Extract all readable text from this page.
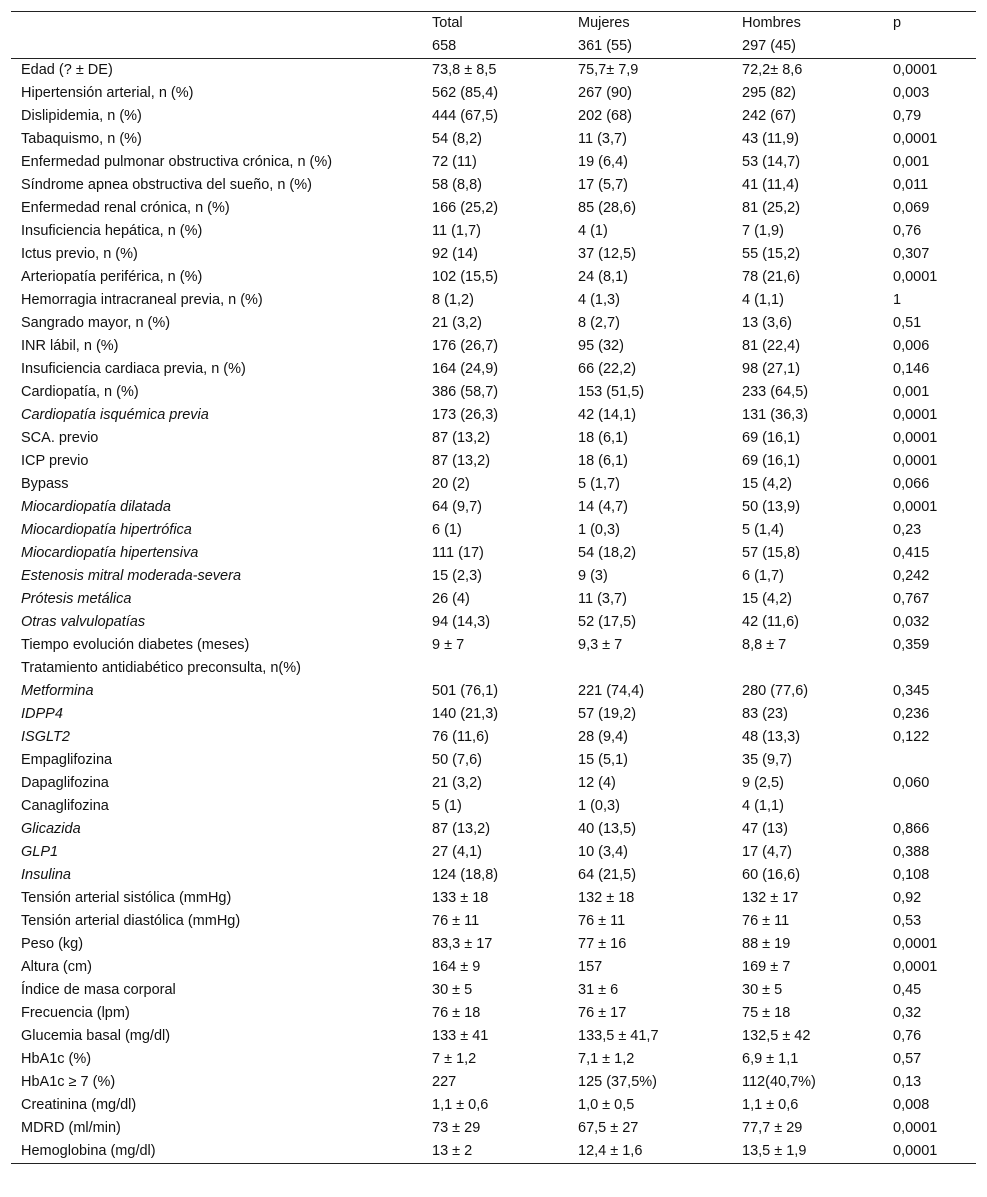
	Total	Mujeres	Hombres	p
	658	361 (55)	297 (45)	
Edad (? ± DE)	73,8 ± 8,5	75,7± 7,9	72,2± 8,6	0,0001
Hipertensión arterial, n (%)	562 (85,4)	267 (90)	295 (82)	0,003
Dislipidemia, n (%)	444 (67,5)	202 (68)	242 (67)	0,79
Tabaquismo, n (%)	54 (8,2)	11 (3,7)	43 (11,9)	0,0001
Enfermedad pulmonar obstructiva crónica, n (%)	72 (11)	19 (6,4)	53 (14,7)	0,001
Síndrome apnea obstructiva del sueño, n (%)	58 (8,8)	17 (5,7)	41 (11,4)	0,011
Enfermedad renal crónica, n (%)	166 (25,2)	85 (28,6)	81 (25,2)	0,069
Insuficiencia hepática, n (%)	11 (1,7)	4 (1)	7 (1,9)	0,76
Ictus previo, n (%)	92 (14)	37 (12,5)	55 (15,2)	0,307
Arteriopatía periférica, n (%)	102 (15,5)	24 (8,1)	78 (21,6)	0,0001
Hemorragia intracraneal previa, n (%)	8 (1,2)	4 (1,3)	4 (1,1)	1
Sangrado mayor, n (%)	21 (3,2)	8 (2,7)	13 (3,6)	0,51
INR lábil, n (%)	176 (26,7)	95 (32)	81 (22,4)	0,006
Insuficiencia cardiaca previa, n (%)	164 (24,9)	66 (22,2)	98 (27,1)	0,146
Cardiopatía, n (%)	386 (58,7)	153 (51,5)	233 (64,5)	0,001
Cardiopatía isquémica previa	173 (26,3)	42 (14,1)	131 (36,3)	0,0001
SCA. previo	87 (13,2)	18 (6,1)	69 (16,1)	0,0001
ICP previo	87 (13,2)	18 (6,1)	69 (16,1)	0,0001
Bypass	20 (2)	5 (1,7)	15 (4,2)	0,066
Miocardiopatía dilatada	64 (9,7)	14 (4,7)	50 (13,9)	0,0001
Miocardiopatía hipertrófica	6 (1)	1 (0,3)	5 (1,4)	0,23
Miocardiopatía hipertensiva	111 (17)	54 (18,2)	57 (15,8)	0,415
Estenosis mitral moderada-severa	15 (2,3)	9 (3)	6 (1,7)	0,242
Prótesis metálica	26 (4)	11 (3,7)	15 (4,2)	0,767
Otras valvulopatías	94 (14,3)	52 (17,5)	42 (11,6)	0,032
Tiempo evolución diabetes (meses)	9 ± 7	9,3 ± 7	8,8 ± 7	0,359
Tratamiento antidiabético preconsulta, n(%)				
Metformina	501 (76,1)	221 (74,4)	280 (77,6)	0,345
IDPP4	140 (21,3)	57 (19,2)	83 (23)	0,236
ISGLT2	76 (11,6)	28 (9,4)	48 (13,3)	0,122
Empaglifozina	50 (7,6)	15 (5,1)	35 (9,7)	
Dapaglifozina	21 (3,2)	12 (4)	9 (2,5)	0,060
Canaglifozina	5 (1)	1 (0,3)	4 (1,1)	
Glicazida	87 (13,2)	40 (13,5)	47 (13)	0,866
GLP1	27 (4,1)	10 (3,4)	17 (4,7)	0,388
Insulina	124 (18,8)	64 (21,5)	60 (16,6)	0,108
Tensión arterial sistólica (mmHg)	133 ± 18	132 ± 18	132 ± 17	0,92
Tensión arterial diastólica (mmHg)	76 ± 11	76 ± 11	76 ± 11	0,53
Peso (kg)	83,3 ± 17	77 ± 16	88 ± 19	0,0001
Altura (cm)	164 ± 9	157	169 ± 7	0,0001
Índice de masa corporal	30 ± 5	31 ± 6	30 ± 5	0,45
Frecuencia (lpm)	76 ± 18	76 ± 17	75 ± 18	0,32
Glucemia basal (mg/dl)	133 ± 41	133,5 ± 41,7	132,5 ± 42	0,76
HbA1c (%)	7 ± 1,2	7,1 ± 1,2	6,9 ± 1,1	0,57
HbA1c ≥ 7 (%)	227	125 (37,5%)	112(40,7%)	0,13
Creatinina (mg/dl)	1,1 ± 0,6	1,0 ± 0,5	1,1 ± 0,6	0,008
MDRD (ml/min)	73 ± 29	67,5 ± 27	77,7 ± 29	0,0001
Hemoglobina (mg/dl)	13 ± 2	12,4 ± 1,6	13,5 ± 1,9	0,0001
